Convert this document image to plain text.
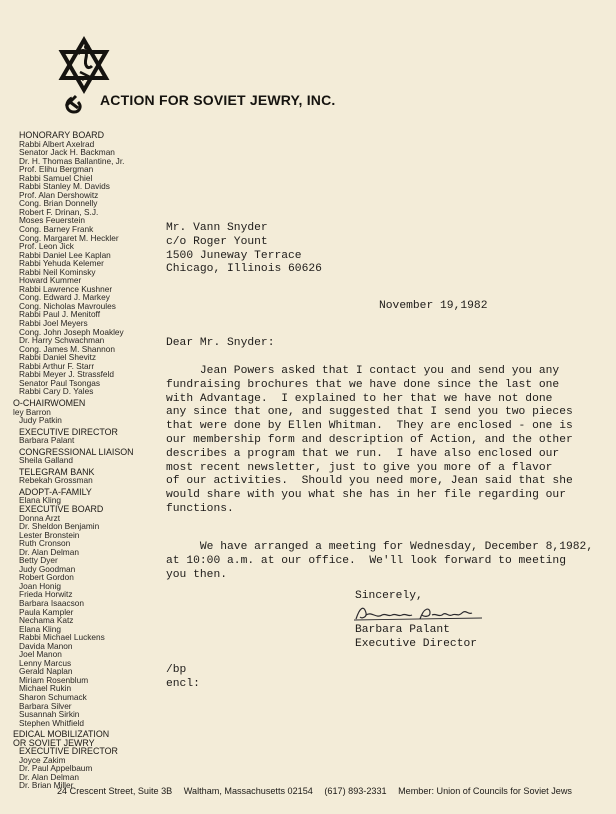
ACTION FOR SOVIET JEWRY, INC.
HONORARY BOARD
Rabbi Albert Axelrad
Senator Jack H. Backman
Dr. H. Thomas Ballantine, Jr.
Prof. Elihu Bergman
Rabbi Samuel Chiel
Rabbi Stanley M. Davids
Prof. Alan Dershowitz
Cong. Brian Donnelly
Robert F. Drinan, S.J.
Moses Feuerstein
Cong. Barney Frank
Cong. Margaret M. Heckler
Prof. Leon Jick
Rabbi Daniel Lee Kaplan
Rabbi Yehuda Kelemer
Rabbi Neil Kominsky
Howard Kummer
Rabbi Lawrence Kushner
Cong. Edward J. Markey
Cong. Nicholas Mavroules
Rabbi Paul J. Menitoff
Rabbi Joel Meyers
Cong. John Joseph Moakley
Dr. Harry Schwachman
Cong. James M. Shannon
Rabbi Daniel Shevitz
Rabbi Arthur F. Starr
Rabbi Meyer J. Strassfeld
Senator Paul Tsongas
Rabbi Cary D. Yales
O-CHAIRWOMEN
ley Barron
Judy Patkin
EXECUTIVE DIRECTOR
Barbara Palant
CONGRESSIONAL LIAISON
Sheila Galland
TELEGRAM BANK
Rebekah Grossman
ADOPT-A-FAMILY
Elana Kling
EXECUTIVE BOARD
Donna Arzt
Dr. Sheldon Benjamin
Lester Bronstein
Ruth Cronson
Dr. Alan Delman
Betty Dyer
Judy Goodman
Robert Gordon
Joan Honig
Frieda Horwitz
Barbara Isaacson
Paula Kampler
Nechama Katz
Elana Kling
Rabbi Michael Luckens
Davida Manon
Joel Manon
Lenny Marcus
Gerald Naplan
Miriam Rosenblum
Michael Rukin
Sharon Schumack
Barbara Silver
Susannah Sirkin
Stephen Whitfield
EDICAL MOBILIZATION
OR SOVIET JEWRY
EXECUTIVE DIRECTOR
Joyce Zakim
Dr. Paul Appelbaum
Dr. Alan Delman
Dr. Brian Miller
Mr. Vann Snyder
c/o Roger Yount
1500 Juneway Terrace
Chicago, Illinois 60626
November 19,1982
Dear Mr. Snyder:
Jean Powers asked that I contact you and send you any
fundraising brochures that we have done since the last one
with Advantage.  I explained to her that we have not done
any since that one, and suggested that I send you two pieces
that were done by Ellen Whitman.  They are enclosed - one is
our membership form and description of Action, and the other
describes a program that we run.  I have also enclosed our
most recent newsletter, just to give you more of a flavor
of our activities.  Should you need more, Jean said that she
would share with you what she has in her file regarding our
functions.
We have arranged a meeting for Wednesday, December 8,1982,
at 10:00 a.m. at our office.  We'll look forward to meeting
you then.
Sincerely,
Barbara Palant
Executive Director
/bp
encl:
24 Crescent Street, Suite 3B Waltham, Massachusetts 02154 (617) 893-2331 Member: Union of Councils for Soviet Jews
